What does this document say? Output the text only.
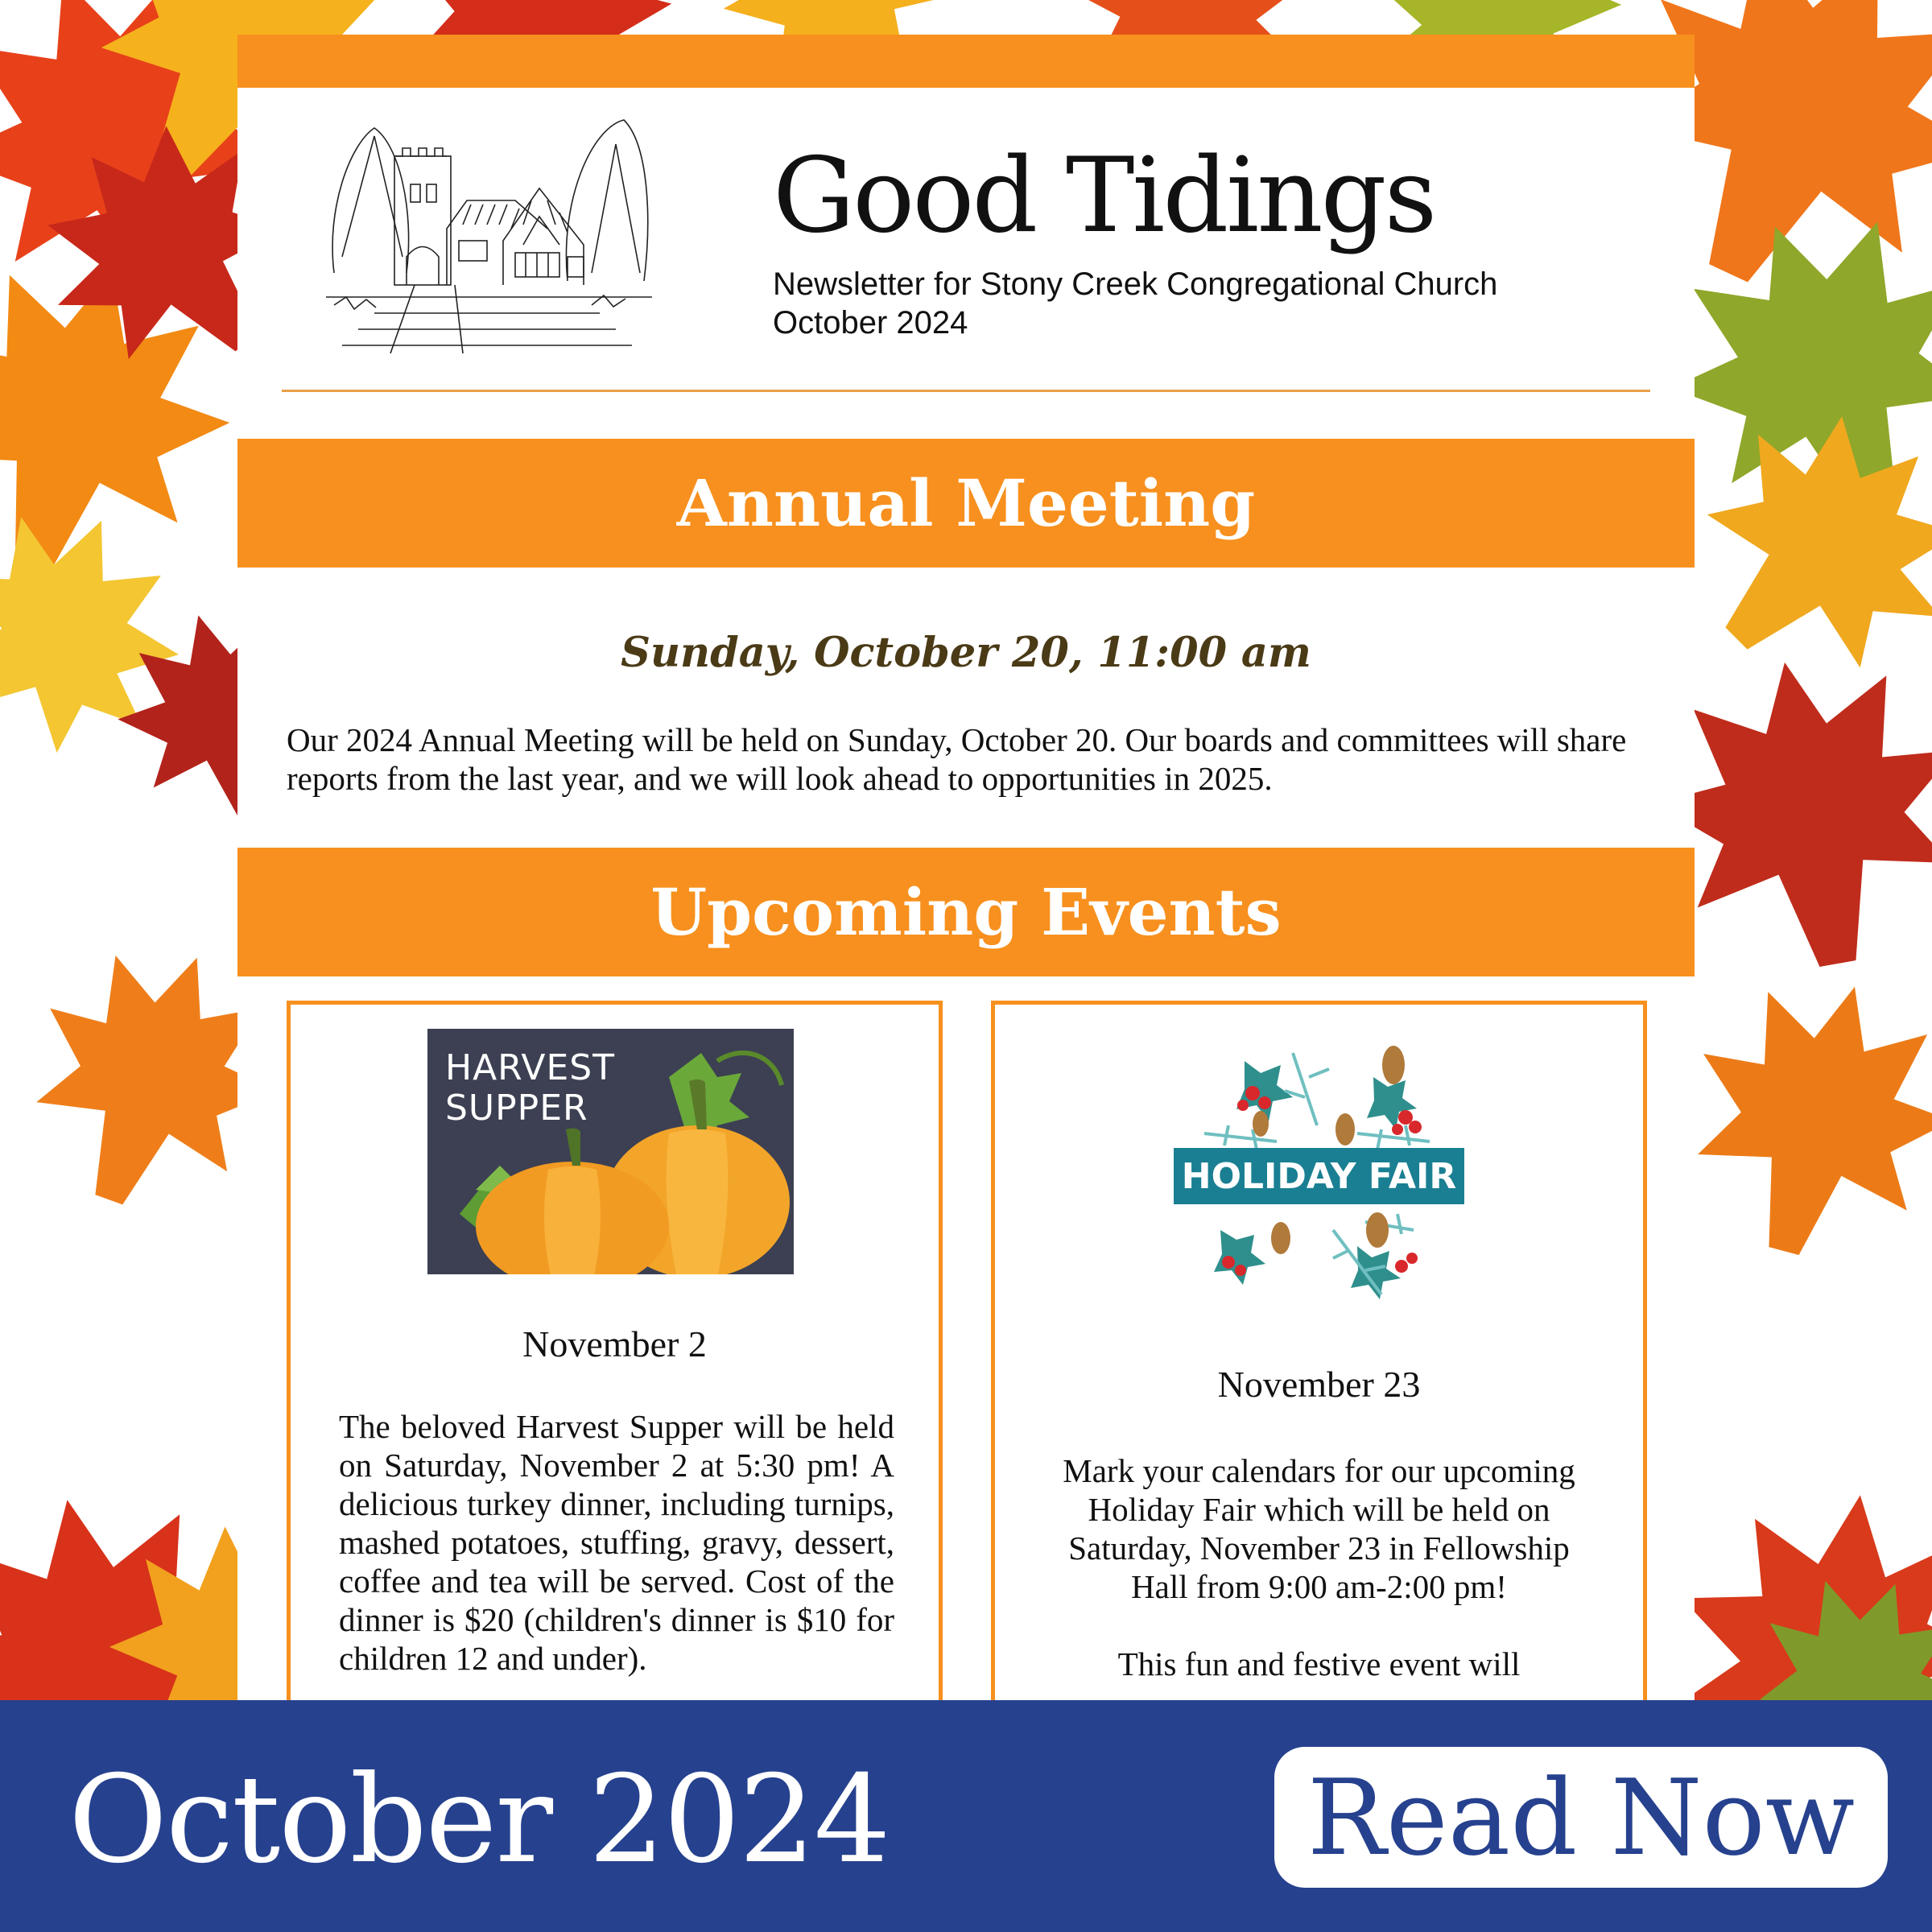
Good Tidings
Newsletter for Stony Creek Congregational Church
October 2024
Annual Meeting
Sunday, October 20, 11:00 am
Our 2024 Annual Meeting will be held on Sunday, October 20. Our boards and committees will share reports from the last year, and we will look ahead to opportunities in 2025.
Upcoming Events
HARVEST
SUPPER
November 2
The beloved Harvest Supper will be held on Saturday, November 2 at 5:30 pm! A delicious turkey dinner, including turnips, mashed potatoes, stuffing, gravy, dessert, coffee and tea will be served. Cost of the dinner is $20 (children's dinner is $10 for children 12 and under).
HOLIDAY FAIR
November 23

Mark your calendars for our upcoming Holiday Fair which will be held on Saturday, November 23 in Fellowship Hall from 9:00 am-2:00 pm!

This fun and festive event will

October 2024	Read Now
